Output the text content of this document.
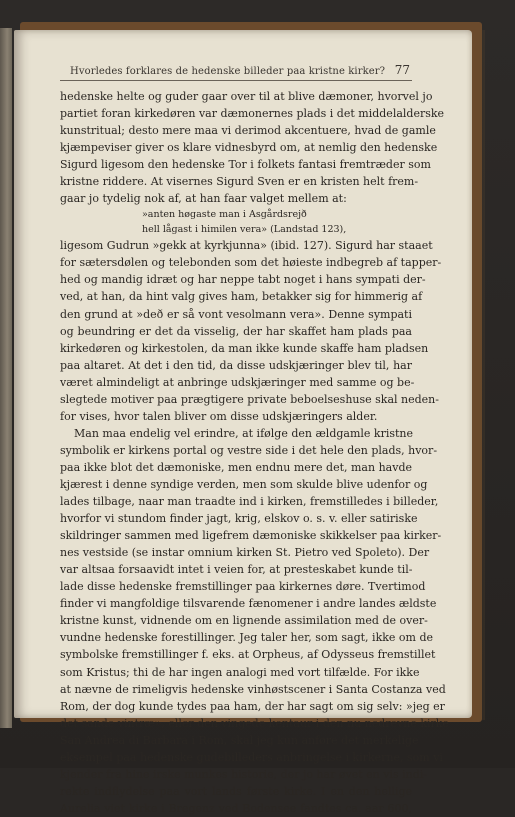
Hvorledes forklares de hedenske billeder paa kristne kirker? 77
hedenske helte og guder gaar over til at blive dæmoner, hvorvel jo
partiet foran kirkedøren var dæmonernes plads i det middelalderske
kunstritual; desto mere maa vi derimod akcentuere, hvad de gamle
kjæmpeviser giver os klare vidnesbyrd om, at nemlig den hedenske
Sigurd ligesom den hedenske Tor i folkets fantasi fremtræder som
kristne riddere. At visernes Sigurd Sven er en kristen helt frem-
gaar jo tydelig nok af, at han faar valget mellem at:
»anten høgaste man i Asgårdsrejð
hell lågast i himilen vera» (Landstad 123),
ligesom Gudrun »gekk at kyrkjunna» (ibid. 127). Sigurd har staaet
for sætersdølen og telebonden som det høieste indbegreb af tapper-
hed og mandig idræt og har neppe tabt noget i hans sympati der-
ved, at han, da hint valg gives ham, betakker sig for himmerig af
den grund at »deð er så vont vesolmann vera». Denne sympati
og beundring er det da visselig, der har skaffet ham plads paa
kirkedøren og kirkestolen, da man ikke kunde skaffe ham pladsen
paa altaret. At det i den tid, da disse udskjæringer blev til, har
været almindeligt at anbringe udskjæringer med samme og be-
slegtede motiver paa prægtigere private beboelseshuse skal neden-
for vises, hvor talen bliver om disse udskjæringers alder.
Man maa endelig vel erindre, at ifølge den ældgamle kristne
symbolik er kirkens portal og vestre side i det hele den plads, hvor-
paa ikke blot det dæmoniske, men endnu mere det, man havde
kjærest i denne syndige verden, men som skulde blive udenfor og
lades tilbage, naar man traadte ind i kirken, fremstilledes i billeder,
hvorfor vi stundom finder jagt, krig, elskov o. s. v. eller satiriske
skildringer sammen med ligefrem dæmoniske skikkelser paa kirker-
nes vestside (se instar omnium kirken St. Pietro ved Spoleto). Der
var altsaa forsaavidt intet i veien for, at presteskabet kunde til-
lade disse hedenske fremstillinger paa kirkernes døre. Tvertimod
finder vi mangfoldige tilsvarende fænomener i andre landes ældste
kristne kunst, vidnende om en lignende assimilation med de over-
vundne hedenske forestillinger. Jeg taler her, som sagt, ikke om de
symbolske fremstillinger f. eks. at Orpheus, af Odysseus fremstillet
som Kristus; thi de har ingen analogi med vort tilfælde. For ikke
at nævne de rimeligvis hedenske vinhøstscener i Santa Costanza ved
Rom, der dog kunde tydes paa ham, der har sagt om sig selv: »jeg er
det sande vintræ», eller den vingede kentaur i den nu nedrevne kirke
San Andrea di Barbara i Rom, skal jeg kun anføre det merkelige
eksempel paa hedenske gudebilleders anbringelse i kirkerne, som vi
kjender fra hine irske munkes historie, der jo har øvet en vis indi-
rekte indflydelse paa vort lands første kirke. I en den hellige
Aurelia viet kirke i Bregenz ved Bodensee fandtes ca. aar 600,
